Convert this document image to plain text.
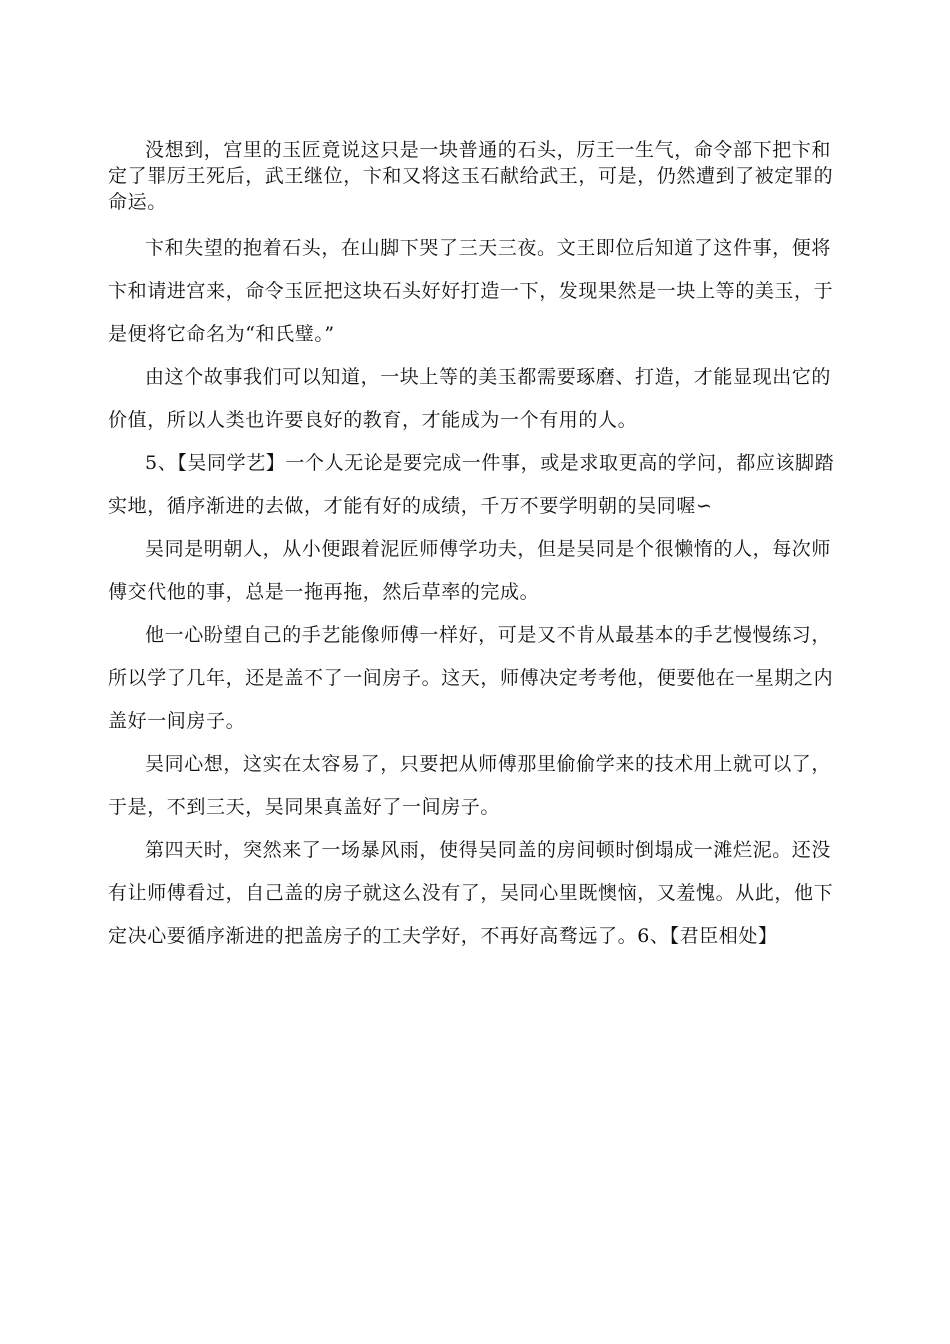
没想到，宫里的玉匠竟说这只是一块普通的石头，厉王一生气，命令部下把卞和定了罪厉王死后，武王继位，卞和又将这玉石献给武王，可是，仍然遭到了被定罪的命运。

卞和失望的抱着石头，在山脚下哭了三天三夜。文王即位后知道了这件事，便将卞和请进宫来，命令玉匠把这块石头好好打造一下，发现果然是一块上等的美玉，于是便将它命名为“和氏璧。”

由这个故事我们可以知道，一块上等的美玉都需要琢磨、打造，才能显现出它的价值，所以人类也许要良好的教育，才能成为一个有用的人。

5、【吴同学艺】一个人无论是要完成一件事，或是求取更高的学问，都应该脚踏实地，循序渐进的去做，才能有好的成绩，千万不要学明朝的吴同喔∽

吴同是明朝人，从小便跟着泥匠师傅学功夫，但是吴同是个很懒惰的人，每次师傅交代他的事，总是一拖再拖，然后草率的完成。

他一心盼望自己的手艺能像师傅一样好，可是又不肯从最基本的手艺慢慢练习，所以学了几年，还是盖不了一间房子。这天，师傅决定考考他，便要他在一星期之内盖好一间房子。

吴同心想，这实在太容易了，只要把从师傅那里偷偷学来的技术用上就可以了，于是，不到三天，吴同果真盖好了一间房子。

第四天时，突然来了一场暴风雨，使得吴同盖的房间顿时倒塌成一滩烂泥。还没有让师傅看过，自己盖的房子就这么没有了，吴同心里既懊恼，又羞愧。从此，他下定决心要循序渐进的把盖房子的工夫学好，不再好高骛远了。6、【君臣相处】
